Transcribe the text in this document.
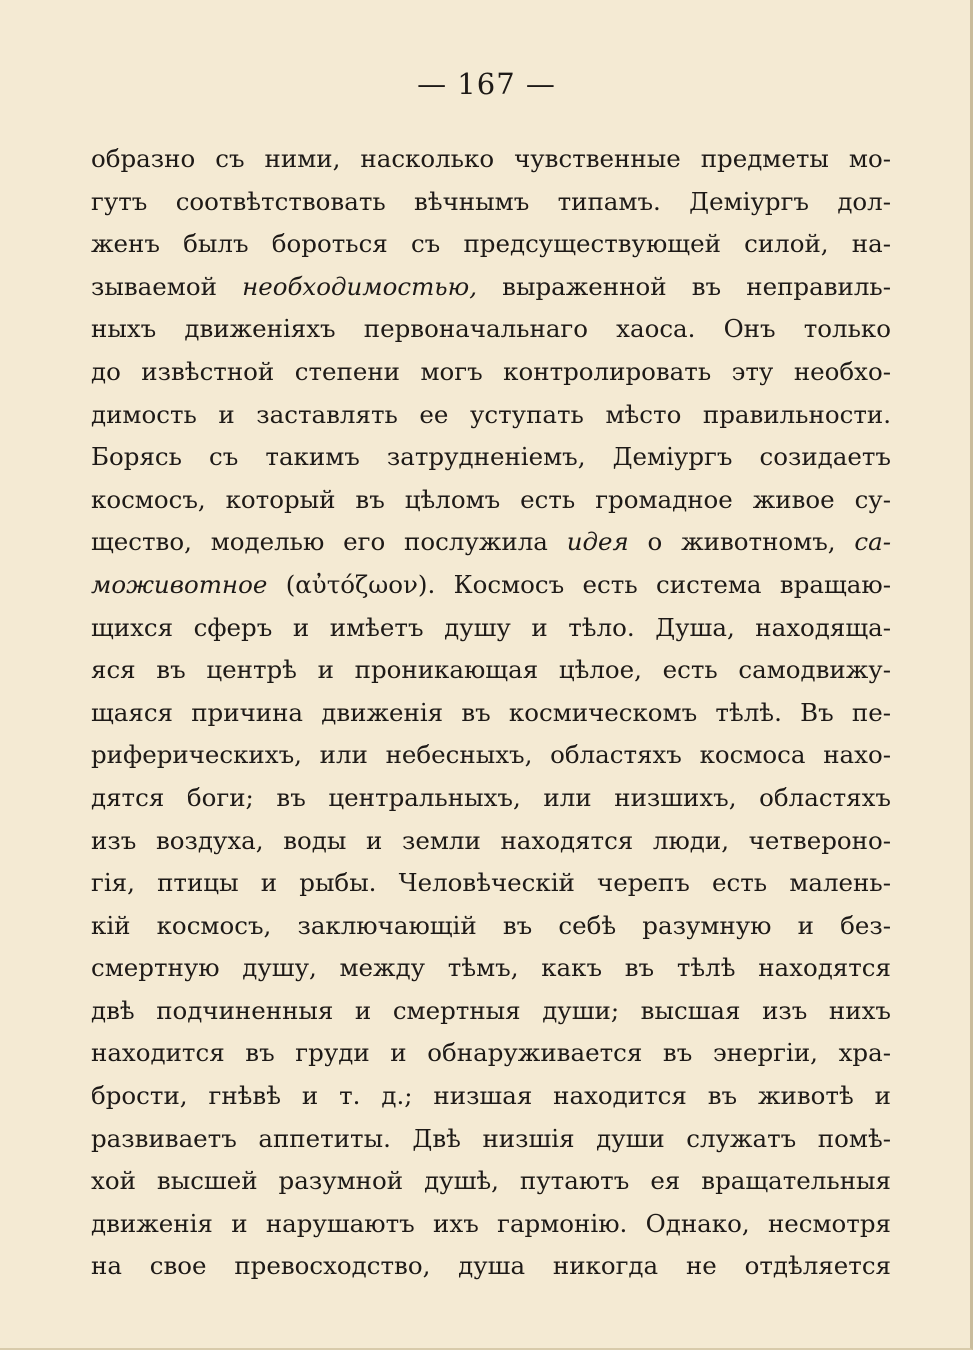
— 167 —
образно съ ними, насколько чувственные предметы мо-
гутъ соотвѣтствовать вѣчнымъ типамъ. Деміургъ дол-
женъ былъ бороться съ предсуществующей силой, на-
зываемой необходимостью, выраженной въ неправиль-
ныхъ движеніяхъ первоначальнаго хаоса. Онъ только
до извѣстной степени могъ контролировать эту необхо-
димость и заставлять ее уступать мѣсто правильности.
Борясь съ такимъ затрудненіемъ, Деміургъ созидаетъ
космосъ, который въ цѣломъ есть громадное живое су-
щество, моделью его послужила идея о животномъ, са-
моживотное (αὐτόζωον). Космосъ есть система вращаю-
щихся сферъ и имѣетъ душу и тѣло. Душа, находяща-
яся въ центрѣ и проникающая цѣлое, есть самодвижу-
щаяся причина движенія въ космическомъ тѣлѣ. Въ пе-
риферическихъ, или небесныхъ, областяхъ космоса нахо-
дятся боги; въ центральныхъ, или низшихъ, областяхъ
изъ воздуха, воды и земли находятся люди, четвероно-
гія, птицы и рыбы. Человѣческій черепъ есть малень-
кій космосъ, заключающій въ себѣ разумную и без-
смертную душу, между тѣмъ, какъ въ тѣлѣ находятся
двѣ подчиненныя и смертныя души; высшая изъ нихъ
находится въ груди и обнаруживается въ энергіи, хра-
брости, гнѣвѣ и т. д.; низшая находится въ животѣ и
развиваетъ аппетиты. Двѣ низшія души служатъ помѣ-
хой высшей разумной душѣ, путаютъ ея вращательныя
движенія и нарушаютъ ихъ гармонію. Однако, несмотря
на свое превосходство, душа никогда не отдѣляется
